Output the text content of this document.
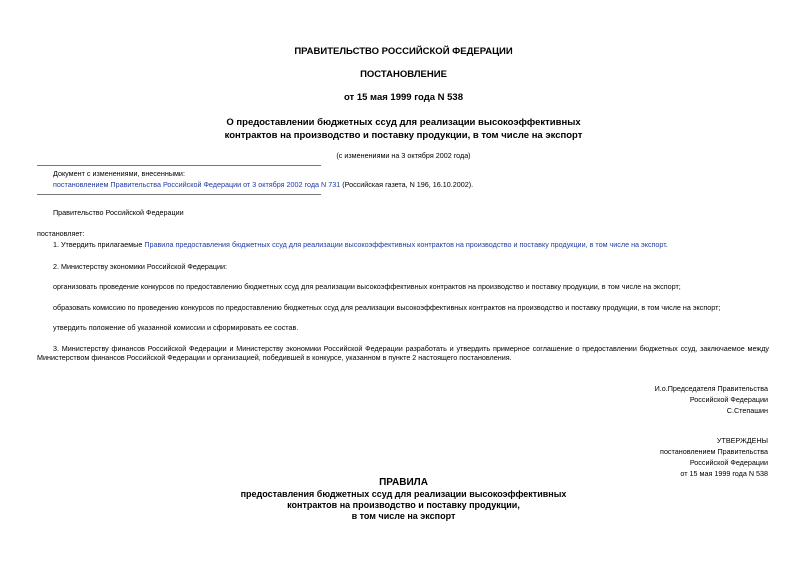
ПРАВИТЕЛЬСТВО РОССИЙСКОЙ ФЕДЕРАЦИИ
ПОСТАНОВЛЕНИЕ
от 15 мая 1999 года N 538
О предоставлении бюджетных ссуд для реализации высокоэффективных
контрактов на производство и поставку продукции, в том числе на экспорт
(с изменениями на 3 октября 2002 года)
Документ с изменениями, внесенными:
постановлением Правительства Российской Федерации от 3 октября 2002 года N 731 (Российская газета, N 196, 16.10.2002).
Правительство Российской Федерации
постановляет:
1. Утвердить прилагаемые Правила предоставления бюджетных ссуд для реализации высокоэффективных контрактов на производство и поставку продукции, в том числе на экспорт.
2. Министерству экономики Российской Федерации:
организовать проведение конкурсов по предоставлению бюджетных ссуд для реализации высокоэффективных контрактов на производство и поставку продукции, в том числе на экспорт;
образовать комиссию по проведению конкурсов по предоставлению бюджетных ссуд для реализации высокоэффективных контрактов на производство и поставку продукции, в том числе на экспорт;
утвердить положение об указанной комиссии и сформировать ее состав.
3. Министерству финансов Российской Федерации и Министерству экономики Российской Федерации разработать и утвердить примерное соглашение о предоставлении бюджетных ссуд, заключаемое между Министерством финансов Российской Федерации и организацией, победившей в конкурсе, указанном в пункте 2 настоящего постановления.
И.о.Председателя Правительства
Российской Федерации
С.Степашин
УТВЕРЖДЕНЫ
постановлением Правительства
Российской Федерации
от 15 мая 1999 года N 538
ПРАВИЛА
предоставления бюджетных ссуд для реализации высокоэффективных
контрактов на производство и поставку продукции,
в том числе на экспорт
